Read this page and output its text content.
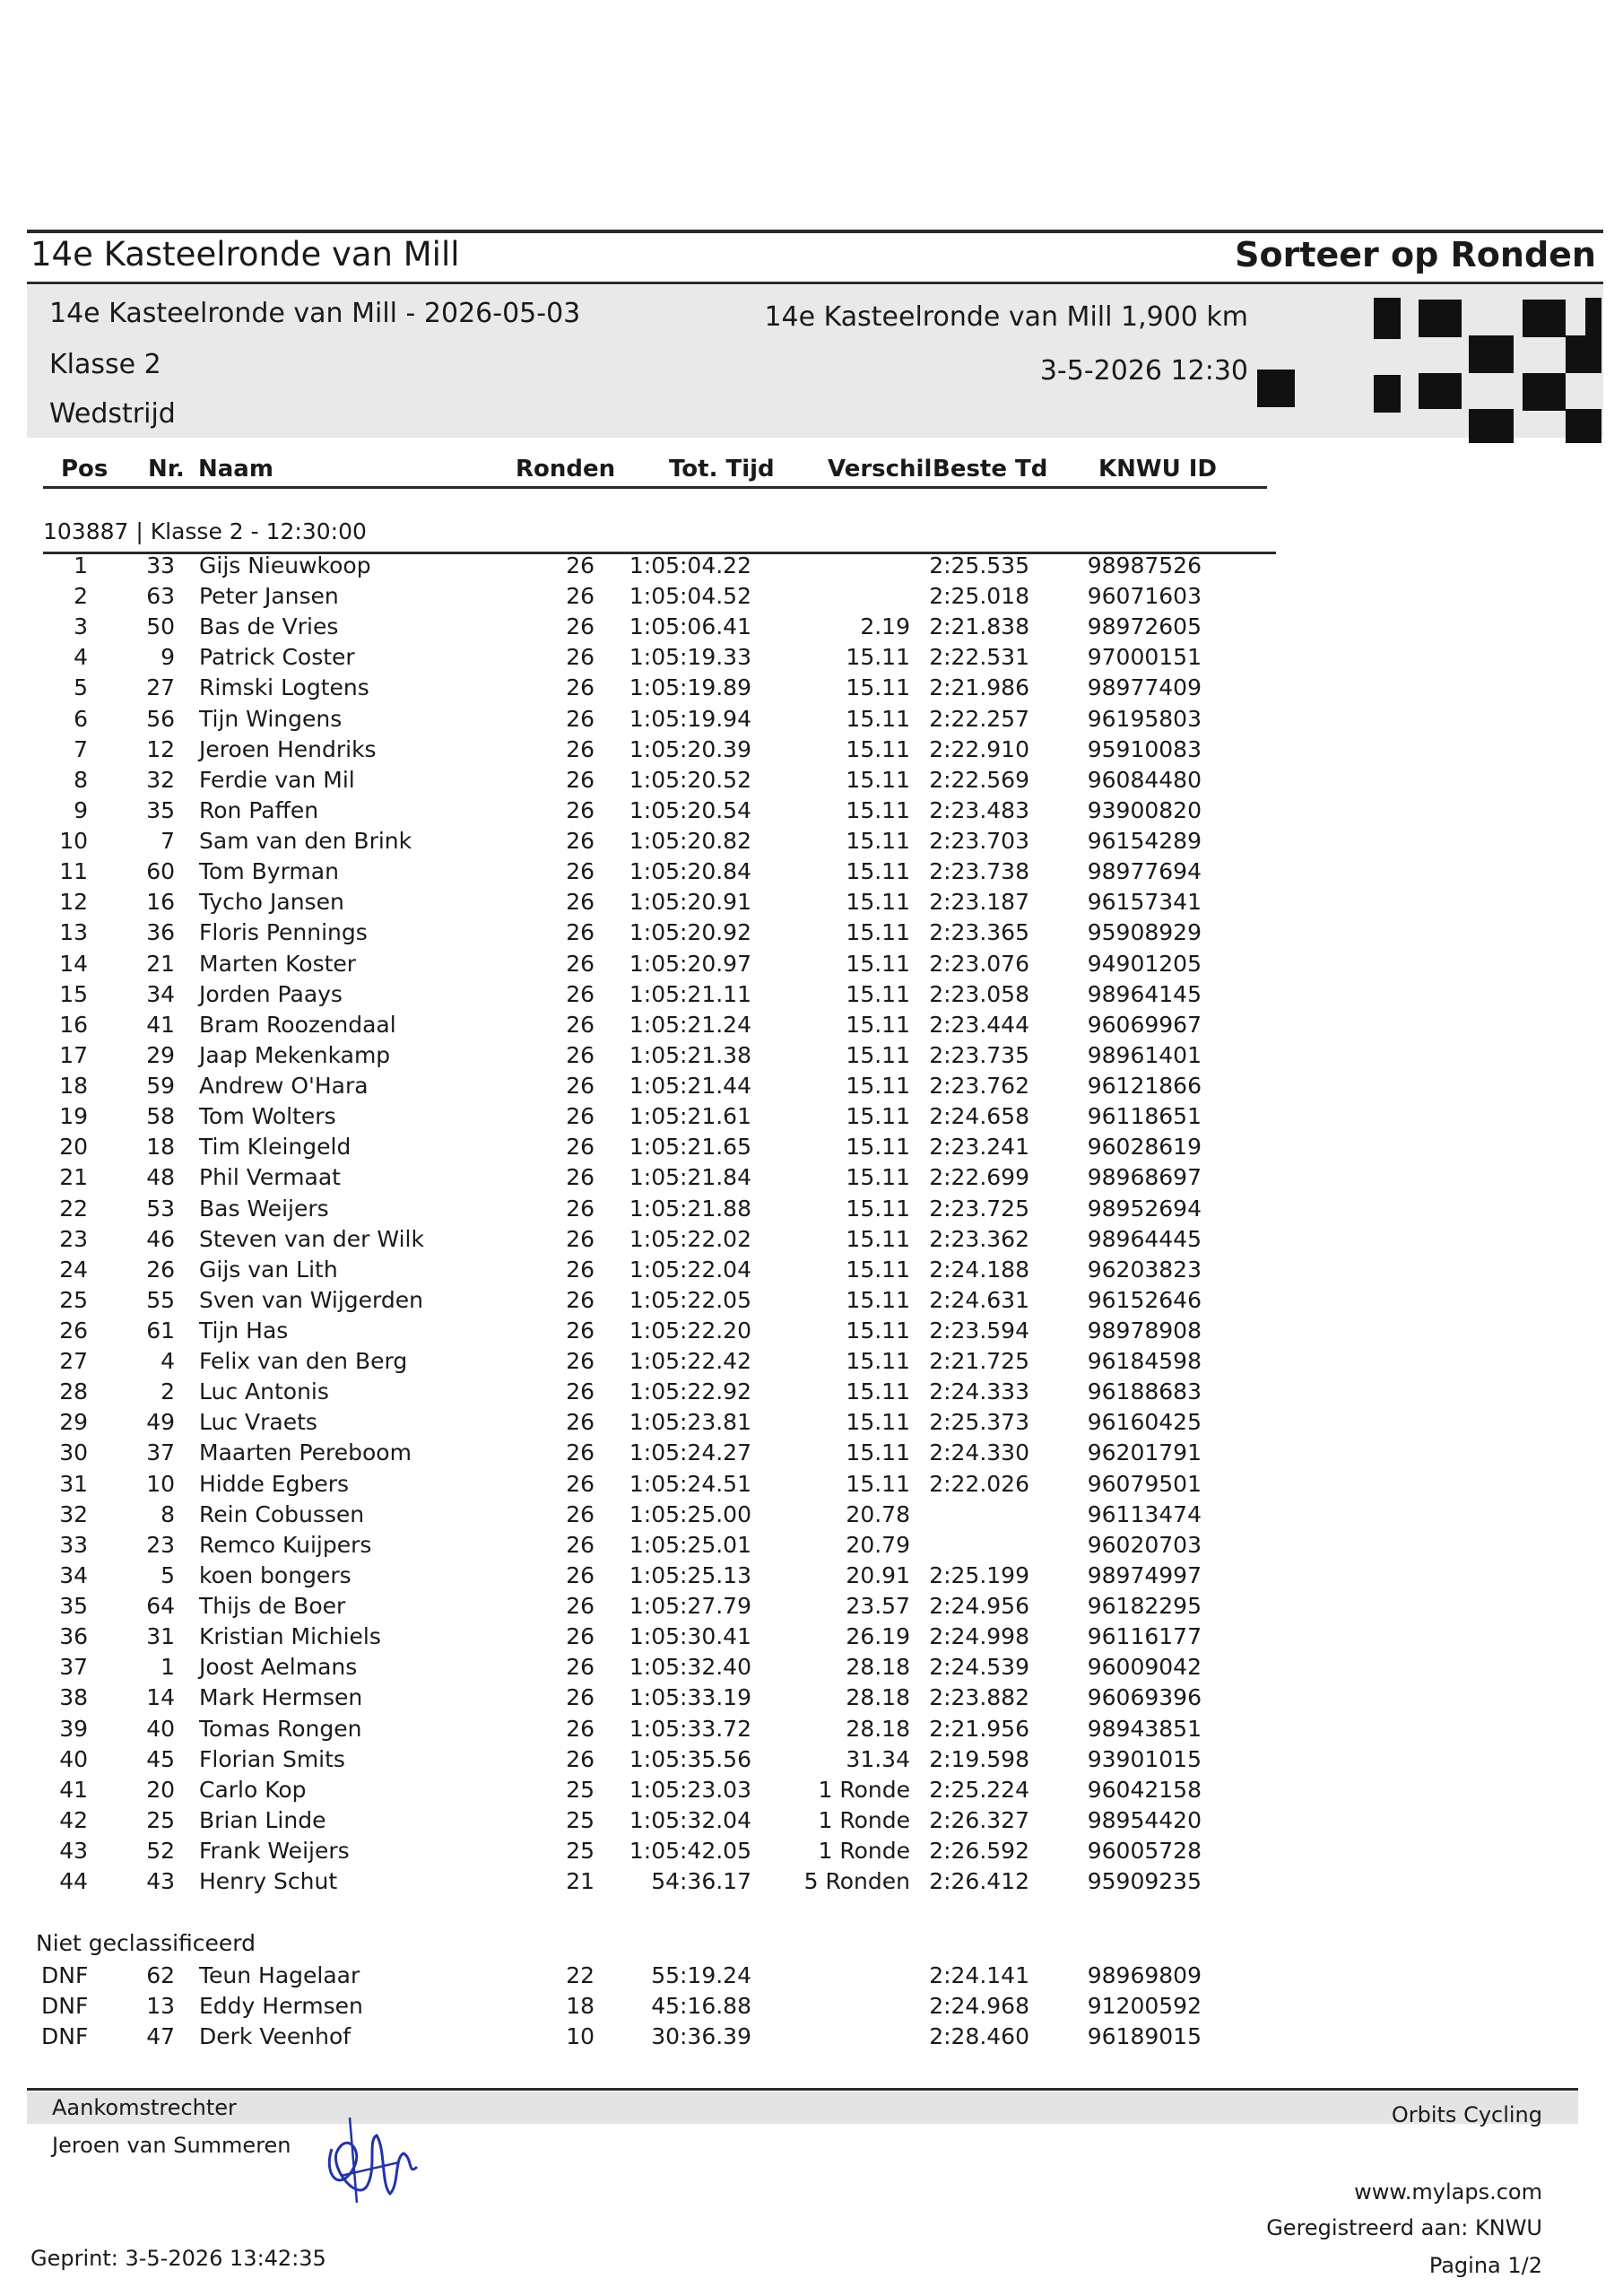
14e Kasteelronde van Mill	Sorteer op Ronden
14e Kasteelronde van Mill - 2026-05-03
Klasse 2
Wedstrijd
14e Kasteelronde van Mill 1,900 km
3-5-2026 12:30
Pos Nr. Naam	Ronden Tot. Tijd Verschil Beste Td KNWU ID
103887 | Klasse 2 - 12:30:00
1	33 Gijs Nieuwkoop	26 1:05:04.22	2:25.535	98987526
2	63 Peter Jansen	26 1:05:04.52	2:25.018	96071603
3	50 Bas de Vries	26 1:05:06.41	2.19 2:21.838	98972605
4	9 Patrick Coster	26 1:05:19.33	15.11 2:22.531	97000151
5	27 Rimski Logtens	26 1:05:19.89	15.11 2:21.986	98977409
6	56 Tijn Wingens	26 1:05:19.94	15.11 2:22.257	96195803
7	12 Jeroen Hendriks	26 1:05:20.39	15.11 2:22.910	95910083
8	32 Ferdie van Mil	26 1:05:20.52	15.11 2:22.569	96084480
9	35 Ron Paffen	26 1:05:20.54	15.11 2:23.483	93900820
10	7 Sam van den Brink	26 1:05:20.82	15.11 2:23.703	96154289
11	60 Tom Byrman	26 1:05:20.84	15.11 2:23.738	98977694
12	16 Tycho Jansen	26 1:05:20.91	15.11 2:23.187	96157341
13	36 Floris Pennings	26 1:05:20.92	15.11 2:23.365	95908929
14	21 Marten Koster	26 1:05:20.97	15.11 2:23.076	94901205
15	34 Jorden Paays	26 1:05:21.11	15.11 2:23.058	98964145
16	41 Bram Roozendaal	26 1:05:21.24	15.11 2:23.444	96069967
17	29 Jaap Mekenkamp	26 1:05:21.38	15.11 2:23.735	98961401
18	59 Andrew O'Hara	26 1:05:21.44	15.11 2:23.762	96121866
19	58 Tom Wolters	26 1:05:21.61	15.11 2:24.658	96118651
20	18 Tim Kleingeld	26 1:05:21.65	15.11 2:23.241	96028619
21	48 Phil Vermaat	26 1:05:21.84	15.11 2:22.699	98968697
22	53 Bas Weijers	26 1:05:21.88	15.11 2:23.725	98952694
23	46 Steven van der Wilk	26 1:05:22.02	15.11 2:23.362	98964445
24	26 Gijs van Lith	26 1:05:22.04	15.11 2:24.188	96203823
25	55 Sven van Wijgerden	26 1:05:22.05	15.11 2:24.631	96152646
26	61 Tijn Has	26 1:05:22.20	15.11 2:23.594	98978908
27	4 Felix van den Berg	26 1:05:22.42	15.11 2:21.725	96184598
28	2 Luc Antonis	26 1:05:22.92	15.11 2:24.333	96188683
29	49 Luc Vraets	26 1:05:23.81	15.11 2:25.373	96160425
30	37 Maarten Pereboom	26 1:05:24.27	15.11 2:24.330	96201791
31	10 Hidde Egbers	26 1:05:24.51	15.11 2:22.026	96079501
32	8 Rein Cobussen	26 1:05:25.00	20.78	96113474
33	23 Remco Kuijpers	26 1:05:25.01	20.79	96020703
34	5 koen bongers	26 1:05:25.13	20.91 2:25.199	98974997
35	64 Thijs de Boer	26 1:05:27.79	23.57 2:24.956	96182295
36	31 Kristian Michiels	26 1:05:30.41	26.19 2:24.998	96116177
37	1 Joost Aelmans	26 1:05:32.40	28.18 2:24.539	96009042
38	14 Mark Hermsen	26 1:05:33.19	28.18 2:23.882	96069396
39	40 Tomas Rongen	26 1:05:33.72	28.18 2:21.956	98943851
40	45 Florian Smits	26 1:05:35.56	31.34 2:19.598	93901015
41	20 Carlo Kop	25 1:05:23.03	1 Ronde 2:25.224	96042158
42	25 Brian Linde	25 1:05:32.04	1 Ronde 2:26.327	98954420
43	52 Frank Weijers	25 1:05:42.05	1 Ronde 2:26.592	96005728
44	43 Henry Schut	21	54:36.17 5 Ronden 2:26.412	95909235
Niet geclassificeerd
DNF	62 Teun Hagelaar	22	55:19.24	2:24.141	98969809
DNF	13 Eddy Hermsen	18	45:16.88	2:24.968	91200592
DNF	47 Derk Veenhof	10	30:36.39	2:28.460	96189015
Aankomstrechter	Orbits Cycling
Jeroen van Summeren
www.mylaps.com
Geregistreerd aan: KNWU
Geprint: 3-5-2026 13:42:35	Pagina 1/2
